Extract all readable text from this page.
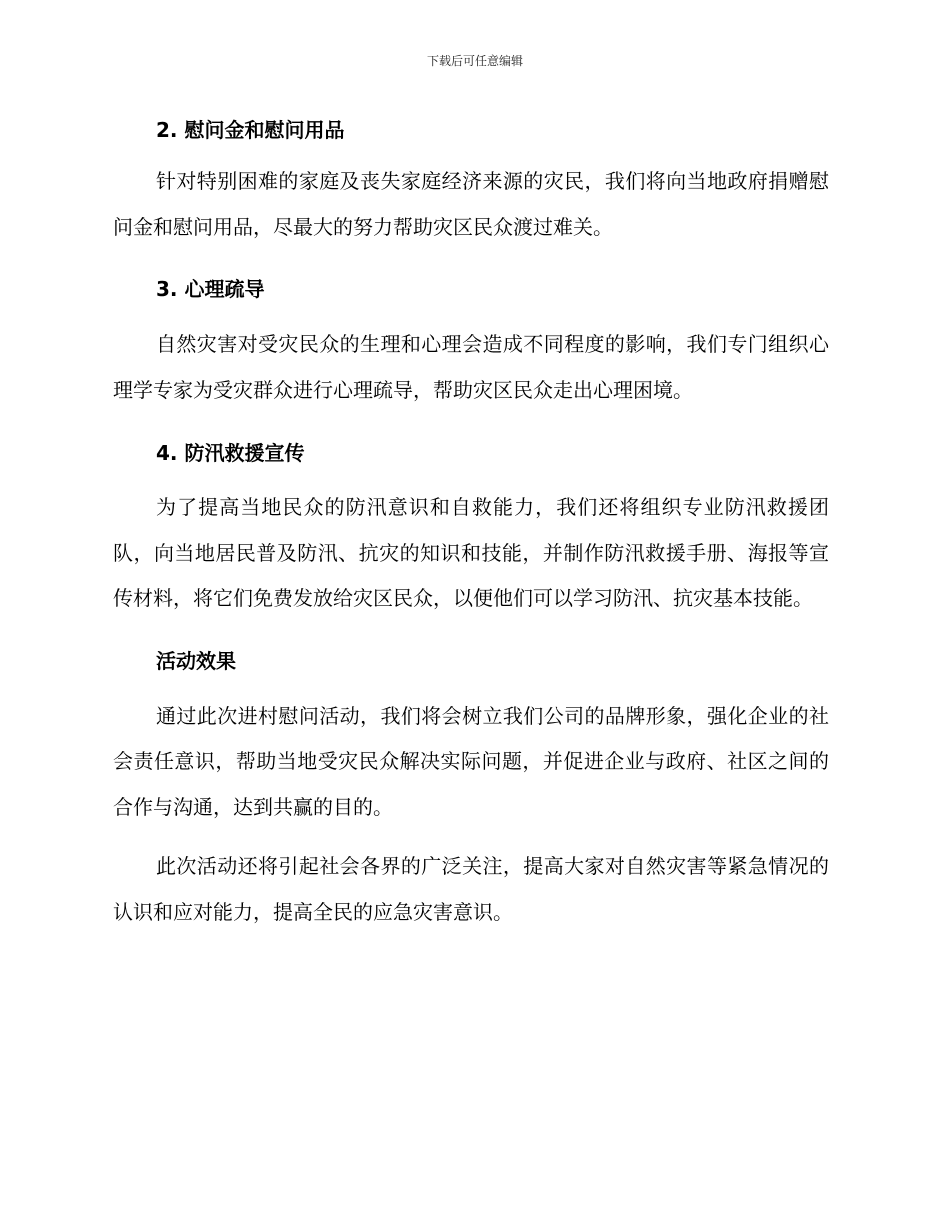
下载后可任意编辑
2. 慰问金和慰问用品

针对特别困难的家庭及丧失家庭经济来源的灾民，我们将向当地政府捐赠慰问金和慰问用品，尽最大的努力帮助灾区民众渡过难关。

3. 心理疏导

自然灾害对受灾民众的生理和心理会造成不同程度的影响，我们专门组织心理学专家为受灾群众进行心理疏导，帮助灾区民众走出心理困境。

4. 防汛救援宣传

为了提高当地民众的防汛意识和自救能力，我们还将组织专业防汛救援团队，向当地居民普及防汛、抗灾的知识和技能，并制作防汛救援手册、海报等宣传材料，将它们免费发放给灾区民众，以便他们可以学习防汛、抗灾基本技能。

活动效果

通过此次进村慰问活动，我们将会树立我们公司的品牌形象，强化企业的社会责任意识，帮助当地受灾民众解决实际问题，并促进企业与政府、社区之间的合作与沟通，达到共赢的目的。

此次活动还将引起社会各界的广泛关注，提高大家对自然灾害等紧急情况的认识和应对能力，提高全民的应急灾害意识。
